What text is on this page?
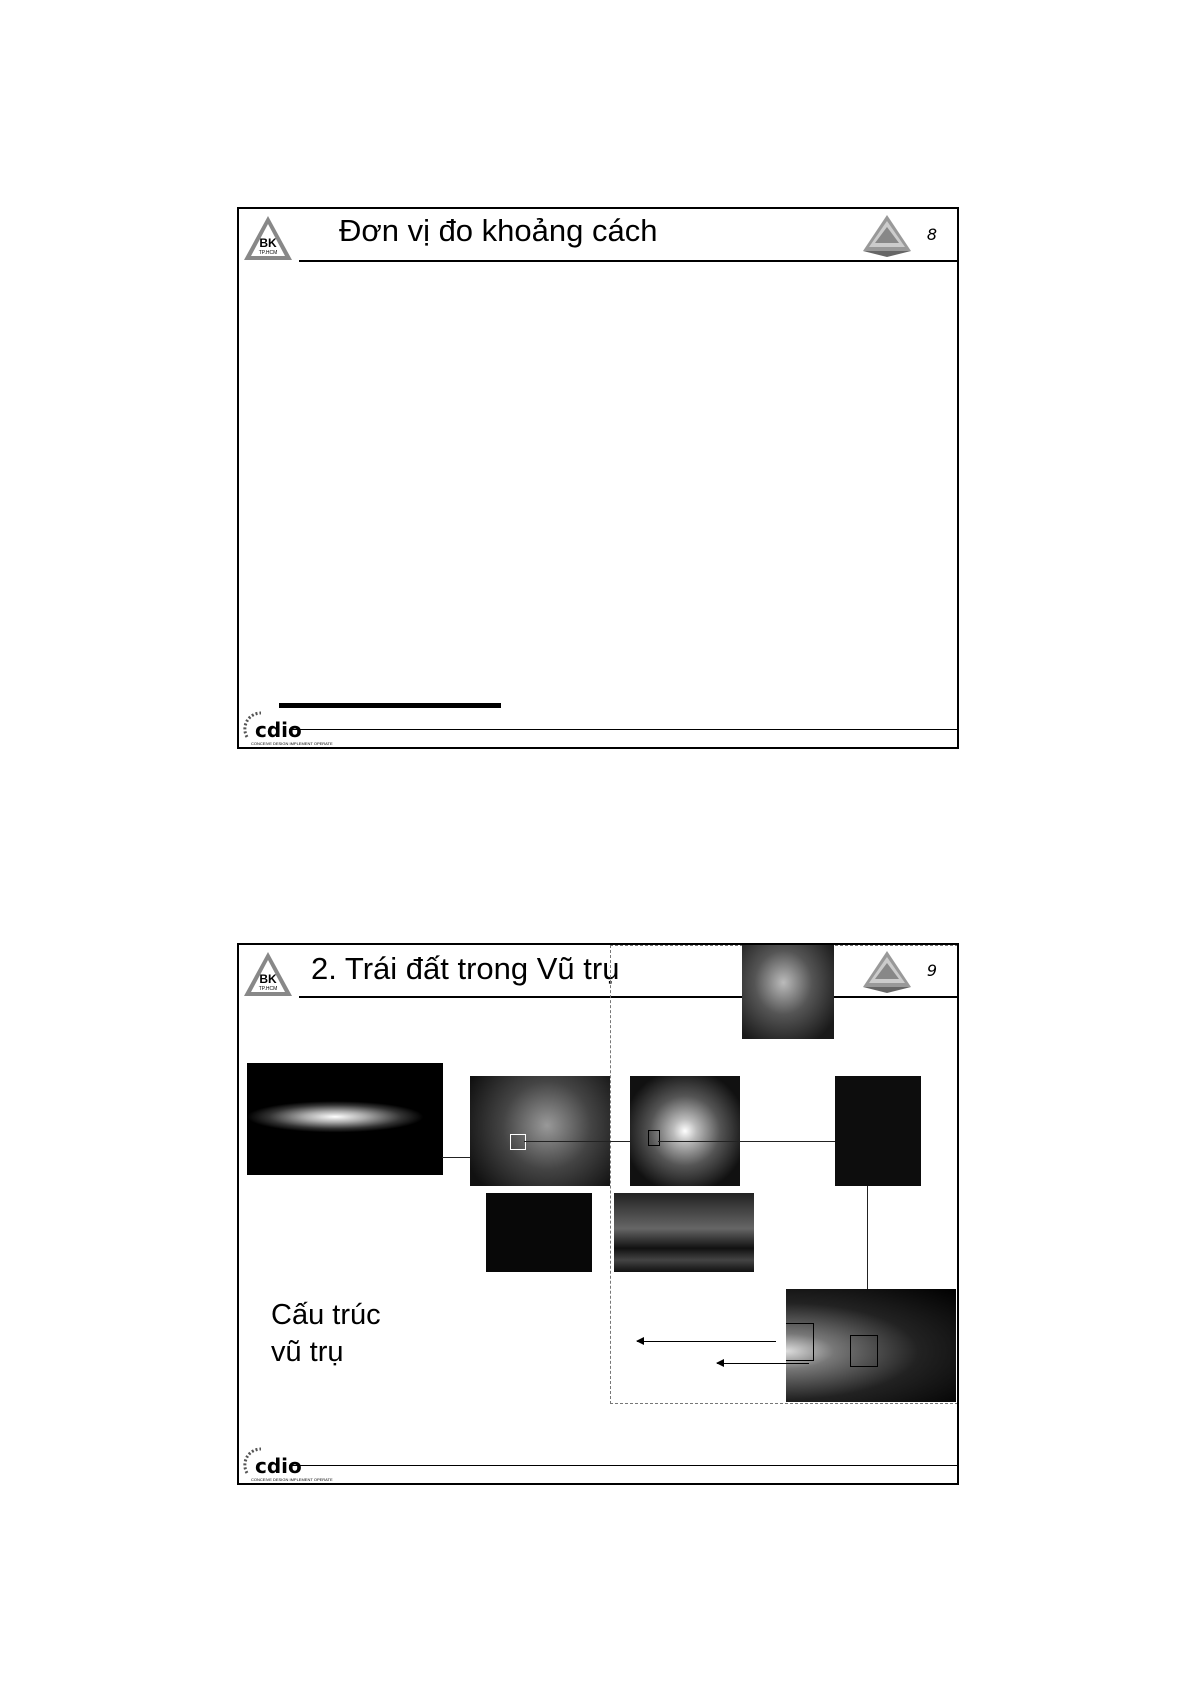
BK
TP.HCM
Đơn vị đo khoảng cách	8
cdio
CONCEIVE DESIGN IMPLEMENT OPERATE
BK
TP.HCM
2. Trái đất trong Vũ trụ	9
Cấu trúc
vũ trụ
cdio
CONCEIVE DESIGN IMPLEMENT OPERATE
